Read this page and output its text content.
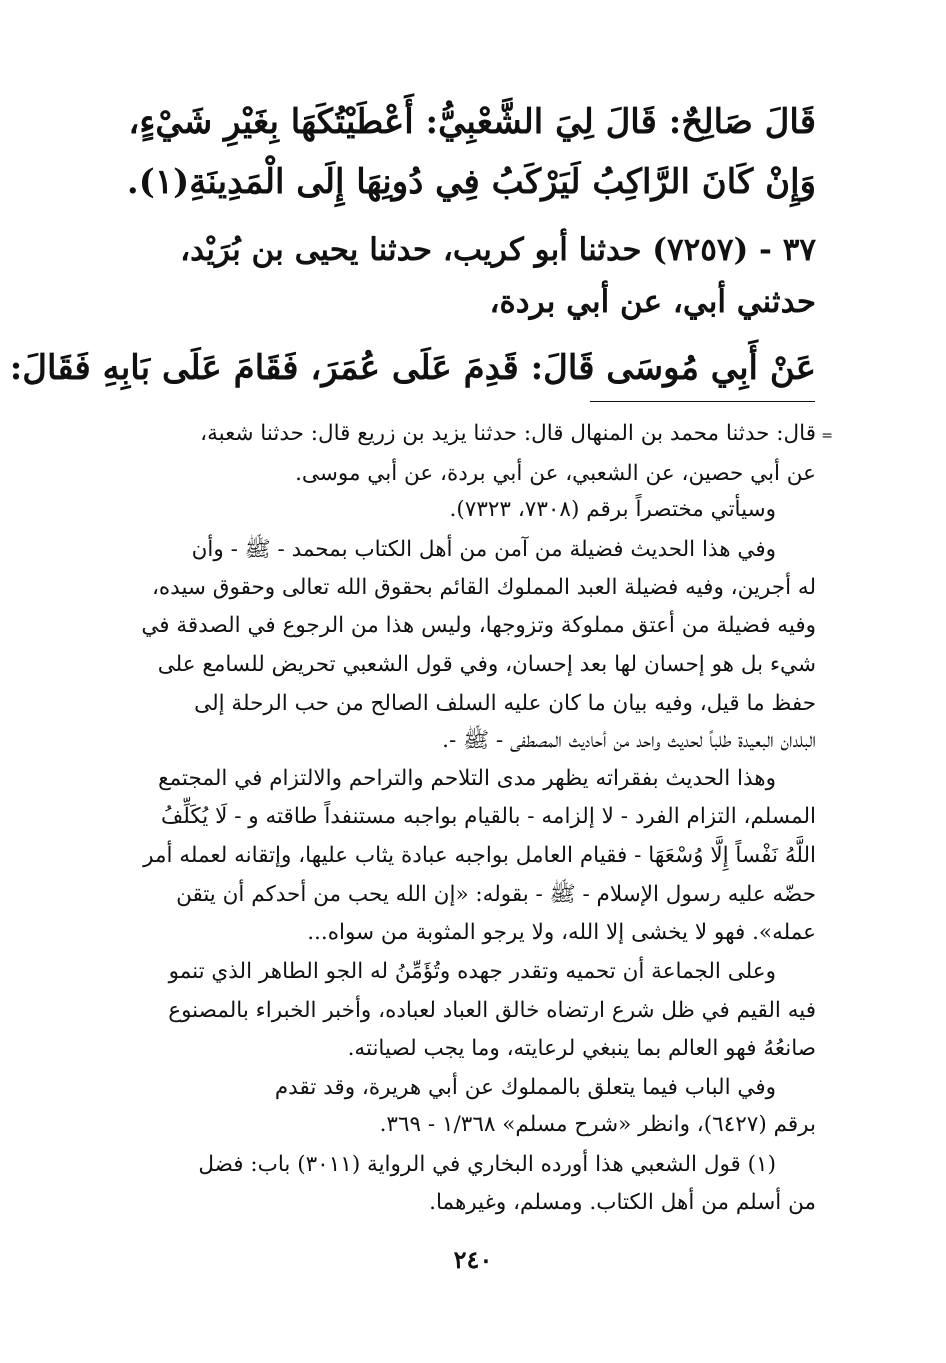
قَالَ صَالِحٌ: قَالَ لِيَ الشَّعْبِيُّ: أَعْطَيْتُكَهَا بِغَيْرِ شَيْءٍ،
وَإِنْ كَانَ الرَّاكِبُ لَيَرْكَبُ فِي دُونِهَا إِلَى الْمَدِينَةِ(١).
٣٧ - (٧٢٥٧) حدثنا أبو كريب، حدثنا يحيى بن بُرَيْد،
حدثني أبي، عن أبي بردة،
عَنْ أَبِي مُوسَى قَالَ: قَدِمَ عَلَى عُمَرَ، فَقَامَ عَلَى بَابِهِ فَقَالَ:
=
قال: حدثنا محمد بن المنهال قال: حدثنا يزيد بن زريع قال: حدثنا شعبة،
عن أبي حصين، عن الشعبي، عن أبي بردة، عن أبي موسى.
وسيأتي مختصراً برقم (٧٣٠٨، ٧٣٢٣).
وفي هذا الحديث فضيلة من آمن من أهل الكتاب بمحمد - ﷺ - وأن
له أجرين، وفيه فضيلة العبد المملوك القائم بحقوق الله تعالى وحقوق سيده،
وفيه فضيلة من أعتق مملوكة وتزوجها، وليس هذا من الرجوع في الصدقة في
شيء بل هو إحسان لها بعد إحسان، وفي قول الشعبي تحريض للسامع على
حفظ ما قيل، وفيه بيان ما كان عليه السلف الصالح من حب الرحلة إلى
البلدان البعيدة طلباً لحديث واحد من أحاديث المصطفى - ﷺ -.
وهذا الحديث بفقراته يظهر مدى التلاحم والتراحم والالتزام في المجتمع
المسلم، التزام الفرد - لا إلزامه - بالقيام بواجبه مستنفداً طاقته و - لَا يُكَلِّفُ
اللَّهُ نَفْساً إِلَّا وُسْعَهَا - فقيام العامل بواجبه عبادة يثاب عليها، وإتقانه لعمله أمر
حضّه عليه رسول الإسلام - ﷺ - بقوله: «إن الله يحب من أحدكم أن يتقن
عمله». فهو لا يخشى إلا الله، ولا يرجو المثوبة من سواه...
وعلى الجماعة أن تحميه وتقدر جهده وتُؤَمِّنُ له الجو الطاهر الذي تنمو
فيه القيم في ظل شرع ارتضاه خالق العباد لعباده، وأخبر الخبراء بالمصنوع
صانعُهُ فهو العالم بما ينبغي لرعايته، وما يجب لصيانته.
وفي الباب فيما يتعلق بالمملوك عن أبي هريرة، وقد تقدم
برقم (٦٤٢٧)، وانظر «شرح مسلم» ١/٣٦٨ - ٣٦٩.
(١) قول الشعبي هذا أورده البخاري في الرواية (٣٠١١) باب: فضل
من أسلم من أهل الكتاب. ومسلم، وغيرهما.
٢٤٠
